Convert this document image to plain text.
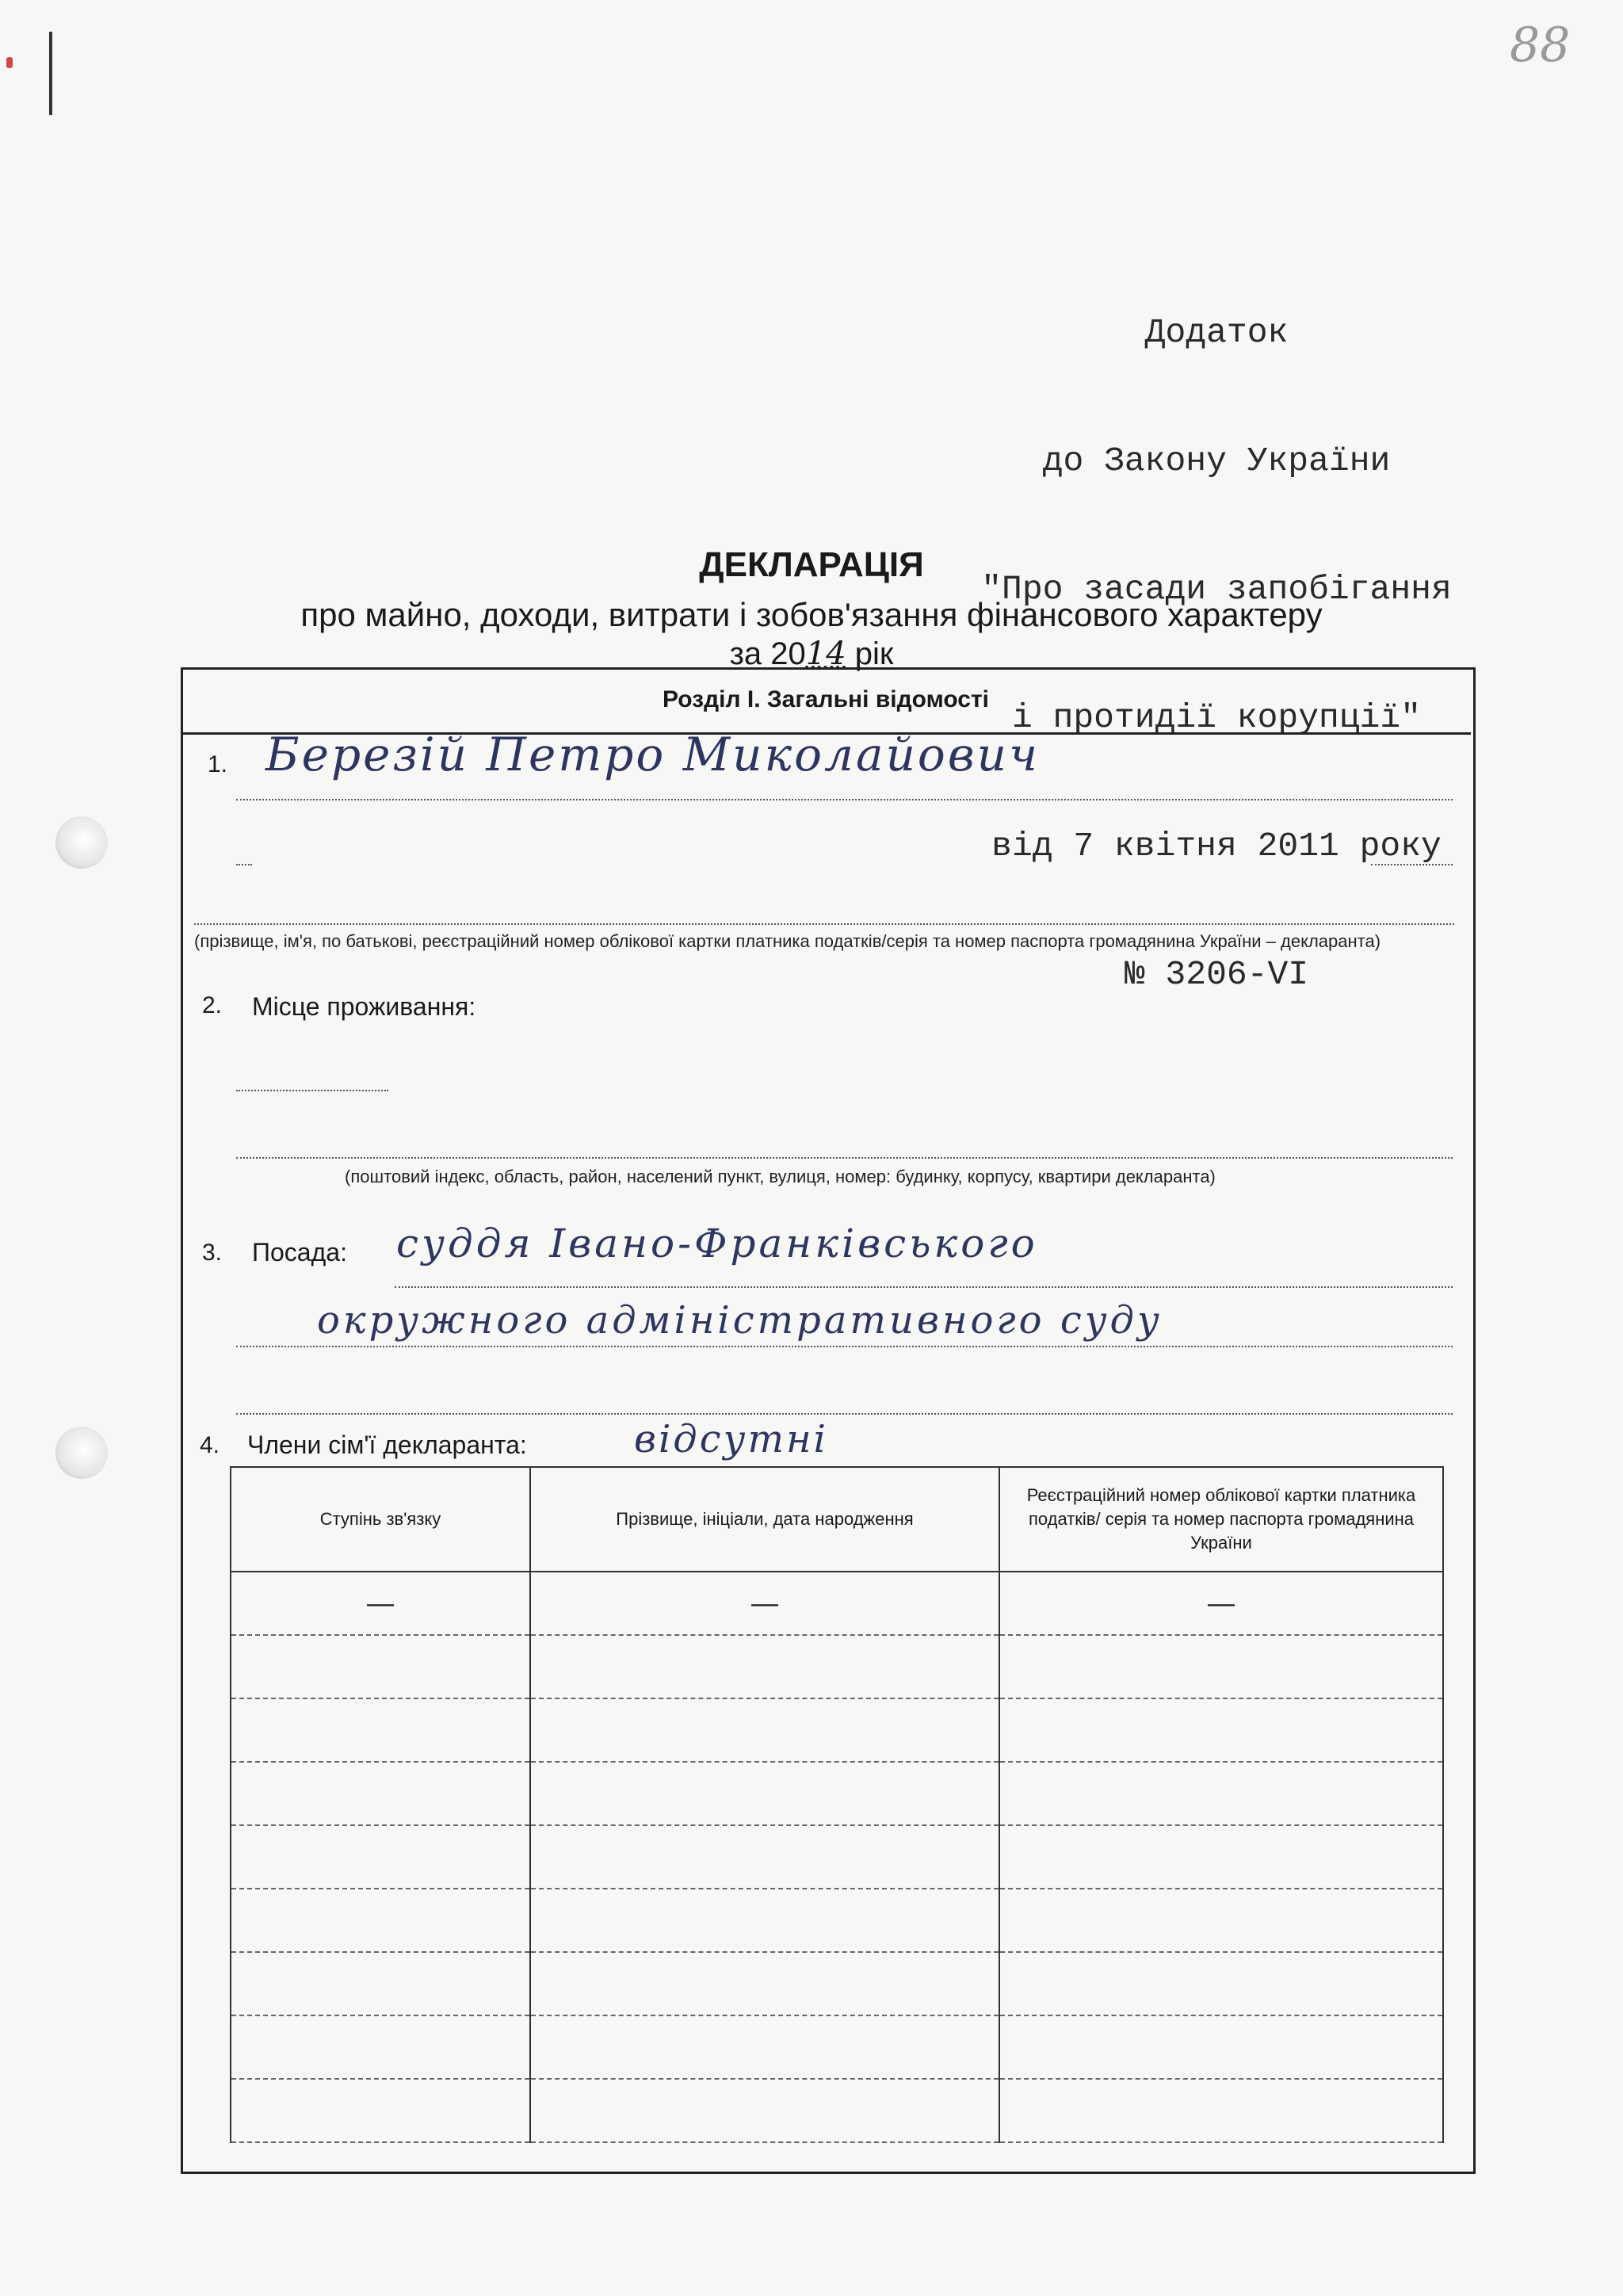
88

Додаток

до Закону України

"Про засади запобігання

і протидії корупції"

від 7 квітня 2011 року

№ 3206-VI

ДЕКЛАРАЦІЯ
про майно, доходи, витрати і зобов'язання фінансового характеру
за 2014 рік
Розділ I. Загальні відомості
1. Березій Петро Миколайович
(прізвище, ім'я, по батькові, реєстраційний номер облікової картки платника податків/серія та номер паспорта громадянина України – декларанта)
2. Місце проживання:
(поштовий індекс, область, район, населений пункт, вулиця, номер: будинку, корпусу, квартири декларанта)
3. Посада: суддя Івано-Франківського
окружного адміністративного суду
4. Члени сім'ї декларанта:	відсутні
Ступінь зв'язку	Прізвище, ініціали, дата народження	Реєстраційний номер облікової картки платника податків/ серія та номер паспорта громадянина України
—	—	—
